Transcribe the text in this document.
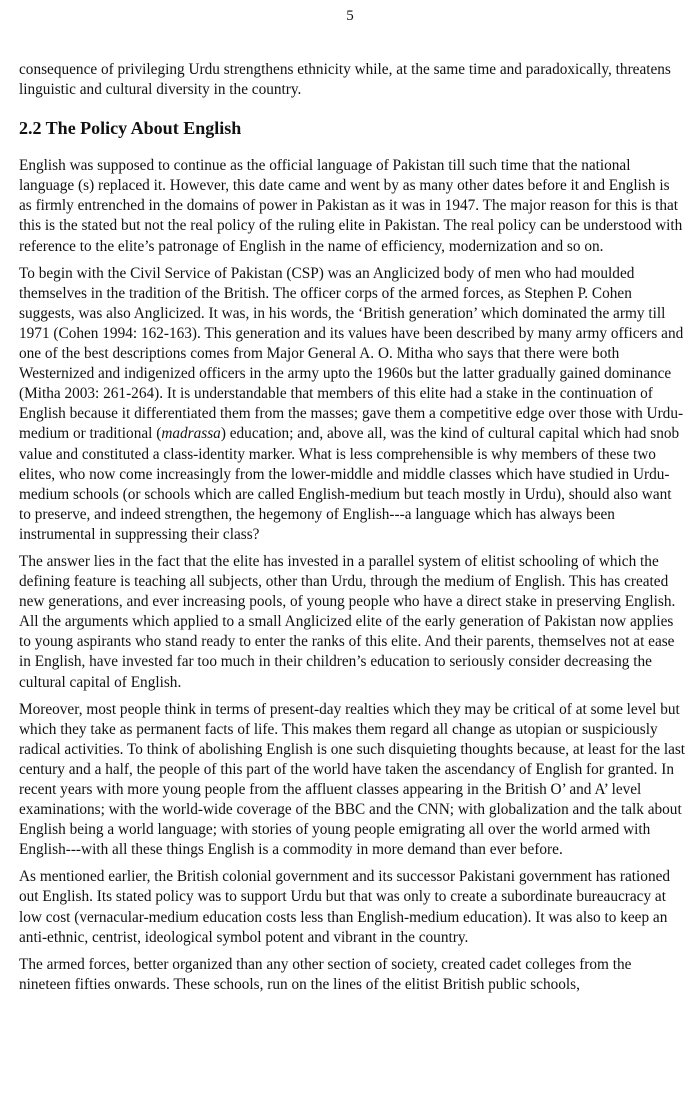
5

consequence of privileging Urdu strengthens ethnicity while, at the same time and paradoxically, threatens linguistic and cultural diversity in the country.

2.2 The Policy About English

English was supposed to continue as the official language of Pakistan till such time that the national language (s) replaced it. However, this date came and went by as many other dates before it and English is as firmly entrenched in the domains of power in Pakistan as it was in 1947. The major reason for this is that this is the stated but not the real policy of the ruling elite in Pakistan. The real policy can be understood with reference to the elite’s patronage of English in the name of efficiency, modernization and so on.

To begin with the Civil Service of Pakistan (CSP) was an Anglicized body of men who had moulded themselves in the tradition of the British. The officer corps of the armed forces, as Stephen P. Cohen suggests, was also Anglicized. It was, in his words, the ‘British generation’ which dominated the army till 1971 (Cohen 1994: 162-163). This generation and its values have been described by many army officers and one of the best descriptions comes from Major General A. O. Mitha who says that there were both Westernized and indigenized officers in the army upto the 1960s but the latter gradually gained dominance (Mitha 2003: 261-264). It is understandable that members of this elite had a stake in the continuation of English because it differentiated them from the masses; gave them a competitive edge over those with Urdu-medium or traditional (madrassa) education; and, above all, was the kind of cultural capital which had snob value and constituted a class-identity marker. What is less comprehensible is why members of these two elites, who now come increasingly from the lower-middle and middle classes which have studied in Urdu-medium schools (or schools which are called English-medium but teach mostly in Urdu), should also want to preserve, and indeed strengthen, the hegemony of English---a language which has always been instrumental in suppressing their class?

The answer lies in the fact that the elite has invested in a parallel system of elitist schooling of which the defining feature is teaching all subjects, other than Urdu, through the medium of English. This has created new generations, and ever increasing pools, of young people who have a direct stake in preserving English. All the arguments which applied to a small Anglicized elite of the early generation of Pakistan now applies to young aspirants who stand ready to enter the ranks of this elite. And their parents, themselves not at ease in English, have invested far too much in their children’s education to seriously consider decreasing the cultural capital of English.

Moreover, most people think in terms of present-day realties which they may be critical of at some level but which they take as permanent facts of life. This makes them regard all change as utopian or suspiciously radical activities. To think of abolishing English is one such disquieting thoughts because, at least for the last century and a half, the people of this part of the world have taken the ascendancy of English for granted. In recent years with more young people from the affluent classes appearing in the British O’ and A’ level examinations; with the world-wide coverage of the BBC and the CNN; with globalization and the talk about English being a world language; with stories of young people emigrating all over the world armed with English---with all these things English is a commodity in more demand than ever before.

As mentioned earlier, the British colonial government and its successor Pakistani government has rationed out English. Its stated policy was to support Urdu but that was only to create a subordinate bureaucracy at low cost (vernacular-medium education costs less than English-medium education). It was also to keep an anti-ethnic, centrist, ideological symbol potent and vibrant in the country.

The armed forces, better organized than any other section of society, created cadet colleges from the nineteen fifties onwards. These schools, run on the lines of the elitist British public schools,
